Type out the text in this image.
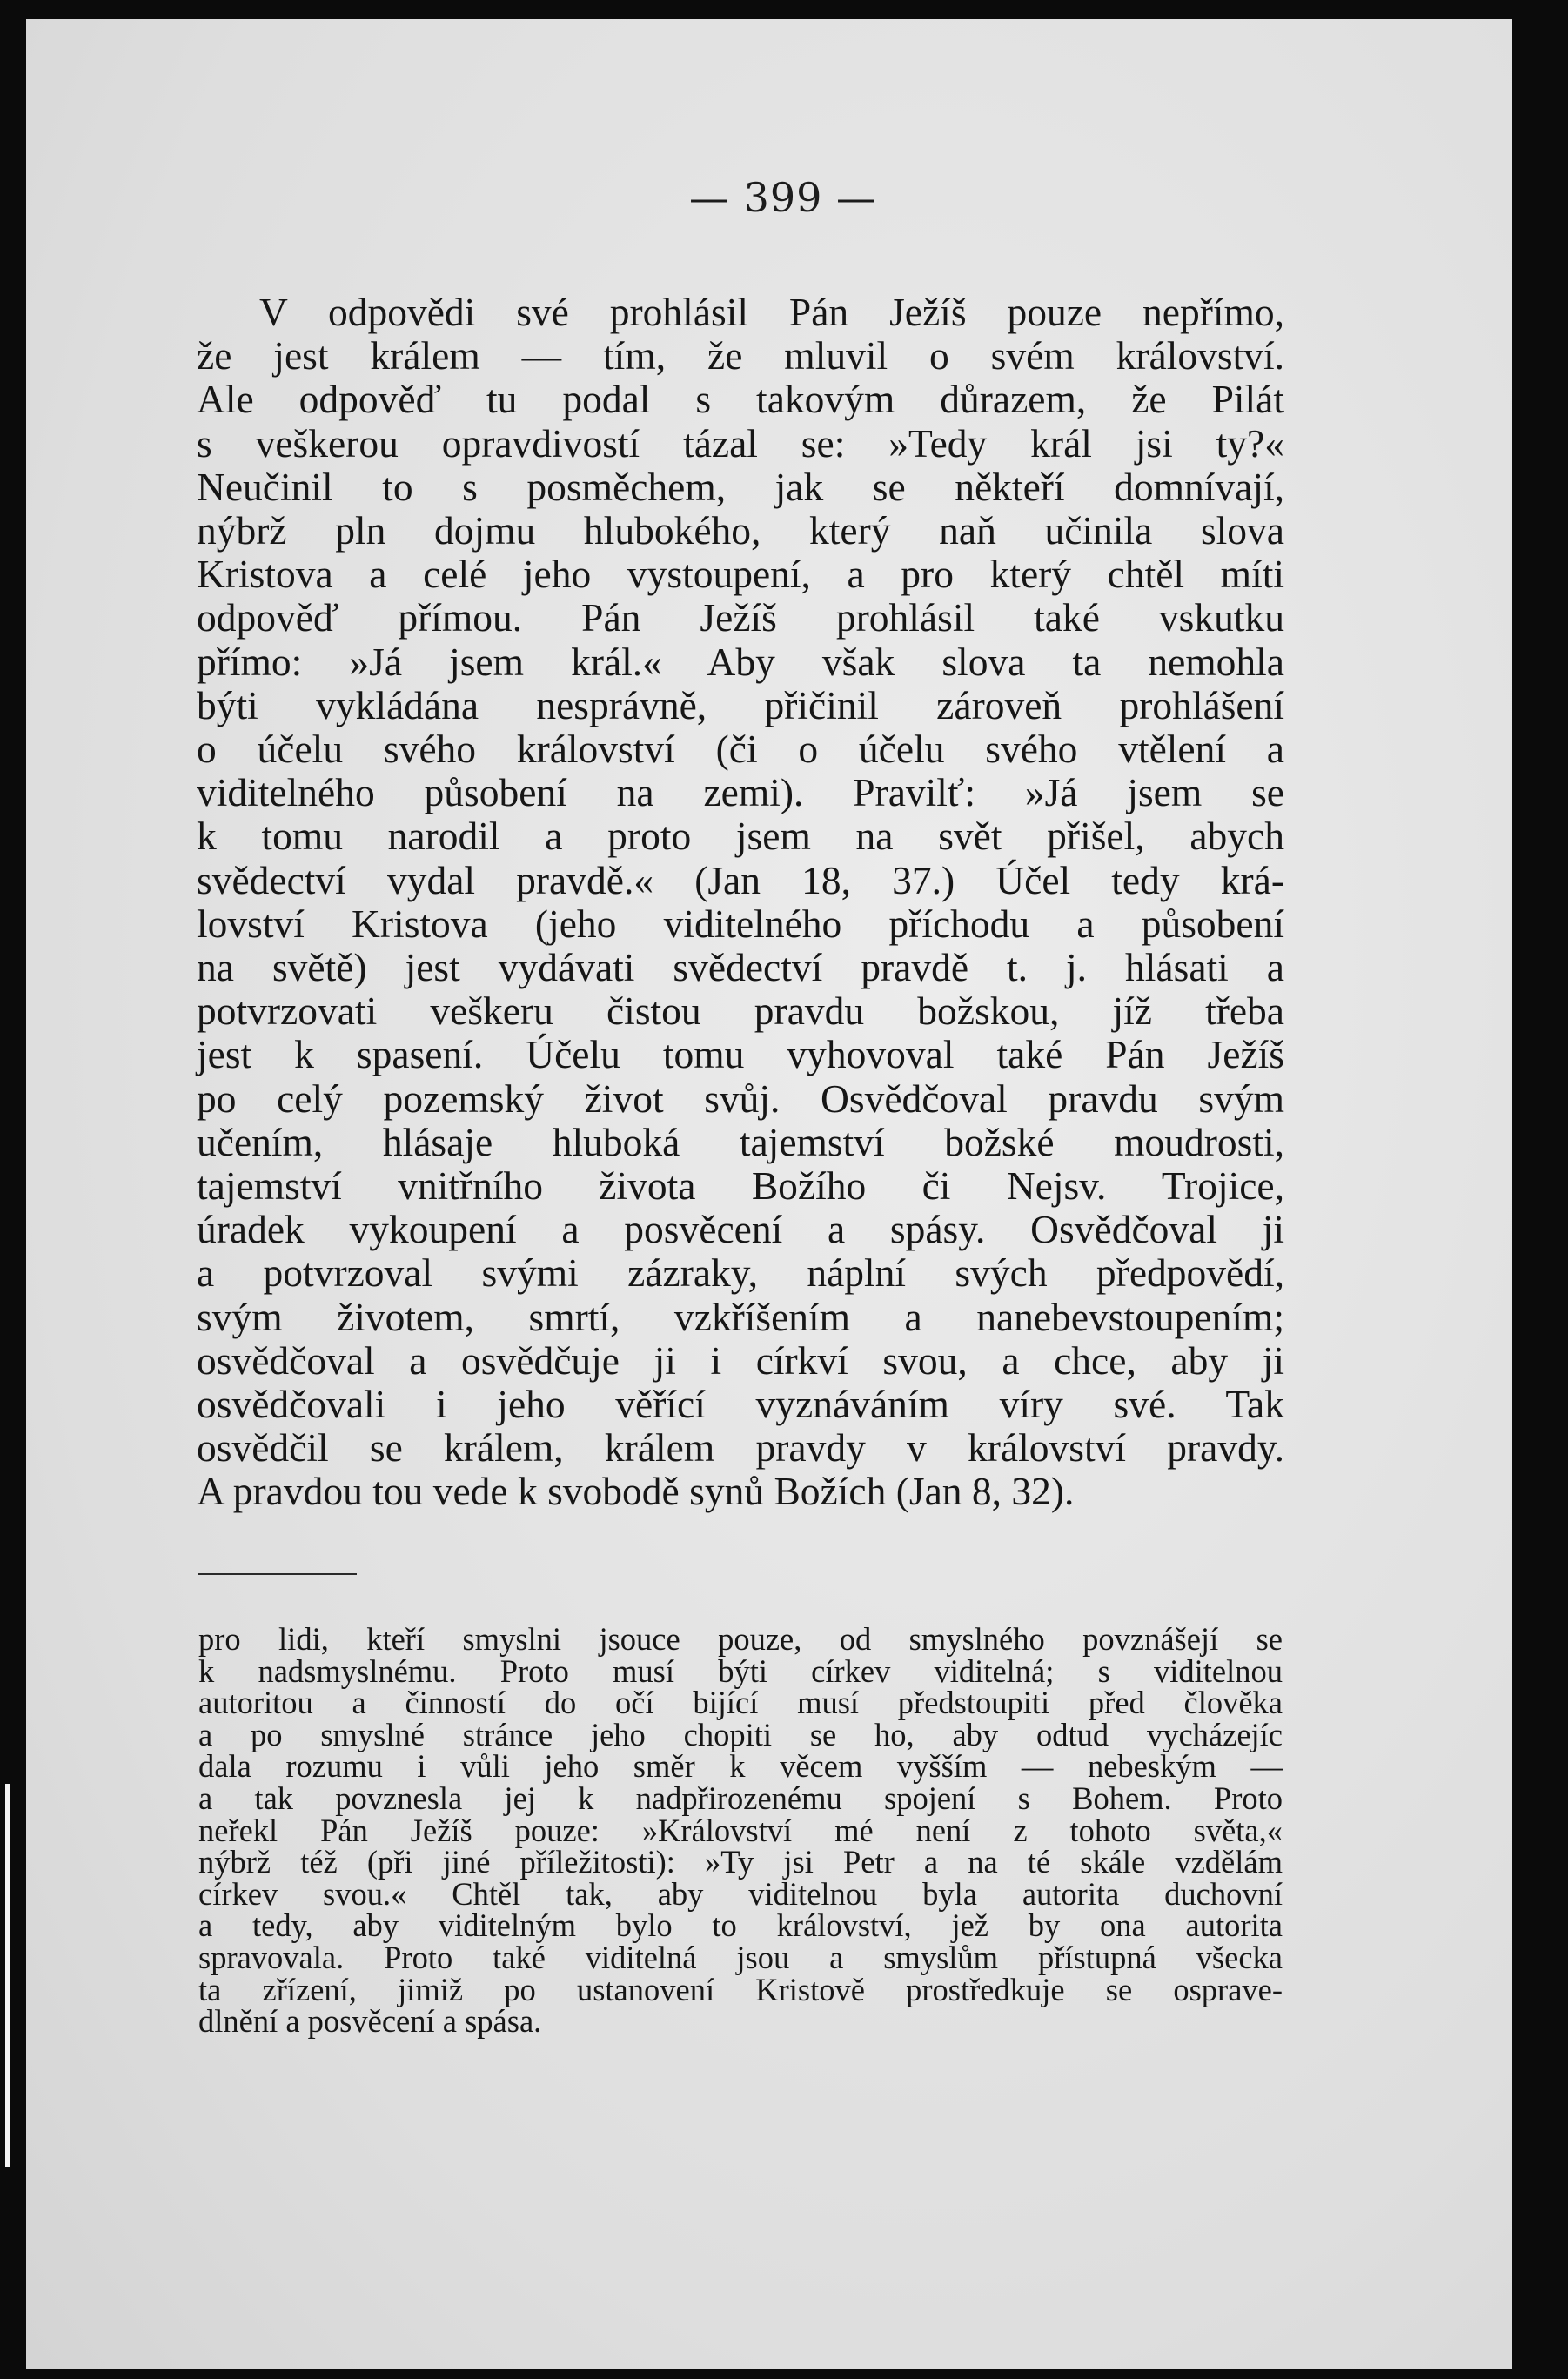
— 399 —
V odpovědi své prohlásil Pán Ježíš pouze nepřímo,
že jest králem — tím, že mluvil o svém království.
Ale odpověď tu podal s takovým důrazem, že Pilát
s veškerou opravdivostí tázal se: »Tedy král jsi ty?«
Neučinil to s posměchem, jak se někteří domnívají,
nýbrž pln dojmu hlubokého, který naň učinila slova
Kristova a celé jeho vystoupení, a pro který chtěl míti
odpověď přímou. Pán Ježíš prohlásil také vskutku
přímo: »Já jsem král.« Aby však slova ta nemohla
býti vykládána nesprávně, přičinil zároveň prohlášení
o účelu svého království (či o účelu svého vtělení a
viditelného působení na zemi). Pravilť: »Já jsem se
k tomu narodil a proto jsem na svět přišel, abych
svědectví vydal pravdě.« (Jan 18, 37.) Účel tedy krá-
lovství Kristova (jeho viditelného příchodu a působení
na světě) jest vydávati svědectví pravdě t. j. hlásati a
potvrzovati veškeru čistou pravdu božskou, jíž třeba
jest k spasení. Účelu tomu vyhovoval také Pán Ježíš
po celý pozemský život svůj. Osvědčoval pravdu svým
učením, hlásaje hluboká tajemství božské moudrosti,
tajemství vnitřního života Božího či Nejsv. Trojice,
úradek vykoupení a posvěcení a spásy. Osvědčoval ji
a potvrzoval svými zázraky, náplní svých předpovědí,
svým životem, smrtí, vzkříšením a nanebevstoupením;
osvědčoval a osvědčuje ji i církví svou, a chce, aby ji
osvědčovali i jeho věřící vyznáváním víry své. Tak
osvědčil se králem, králem pravdy v království pravdy.
A pravdou tou vede k svobodě synů Božích (Jan 8, 32).
pro lidi, kteří smyslni jsouce pouze, od smyslného povznášejí se
k nadsmyslnému. Proto musí býti církev viditelná; s viditelnou
autoritou a činností do očí bijící musí předstoupiti před člověka
a po smyslné stránce jeho chopiti se ho, aby odtud vycházejíc
dala rozumu i vůli jeho směr k věcem vyšším — nebeským —
a tak povznesla jej k nadpřirozenému spojení s Bohem. Proto
neřekl Pán Ježíš pouze: »Království mé není z tohoto světa,«
nýbrž též (při jiné příležitosti): »Ty jsi Petr a na té skále vzdělám
církev svou.« Chtěl tak, aby viditelnou byla autorita duchovní
a tedy, aby viditelným bylo to království, jež by ona autorita
spravovala. Proto také viditelná jsou a smyslům přístupná všecka
ta zřízení, jimiž po ustanovení Kristově prostředkuje se osprave-
dlnění a posvěcení a spása.
